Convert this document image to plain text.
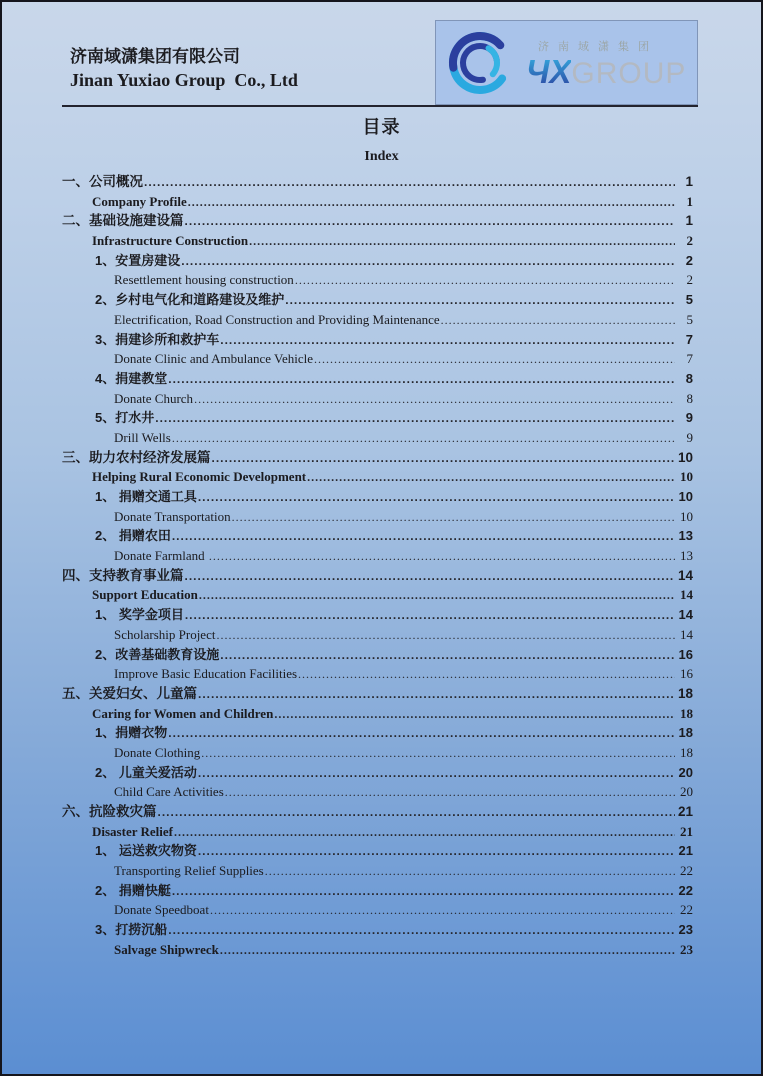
济南域潇集团有限公司
Jinan Yuxiao Group  Co., Ltd
济南域潇集团
ЧХGROUP
目录
Index
一、公司概况 .....	1
Company Profile .....	1
二、基础设施建设篇 .....	1
Infrastructure Construction .....	2
1、安置房建设 .....	2
Resettlement housing construction .....	2
2、乡村电气化和道路建设及维护 .....	5
Electrification, Road Construction and Providing Maintenance .....	5
3、捐建诊所和救护车 .....	7
Donate Clinic and Ambulance Vehicle .....	7
4、捐建教堂 .....	8
Donate Church .....	8
5、打水井 .....	9
Drill Wells .....	9
三、助力农村经济发展篇 .....	10
Helping Rural Economic Development .....	10
1、 捐赠交通工具 .....	10
Donate Transportation .....	10
2、 捐赠农田 .....	13
Donate Farmland .....	13
四、支持教育事业篇 .....	14
Support Education .....	14
1、 奖学金项目 .....	14
Scholarship Project .....	14
2、改善基础教育设施 .....	16
Improve Basic Education Facilities .....	16
五、关爱妇女、儿童篇 .....	18
Caring for Women and Children .....	18
1、捐赠衣物 .....	18
Donate Clothing .....	18
2、 儿童关爱活动 .....	20
Child Care Activities .....	20
六、抗险救灾篇 .....	21
Disaster Relief .....	21
1、 运送救灾物资 .....	21
Transporting Relief Supplies .....	22
2、 捐赠快艇 .....	22
Donate Speedboat .....	22
3、打捞沉船 .....	23
Salvage Shipwreck .....	23
